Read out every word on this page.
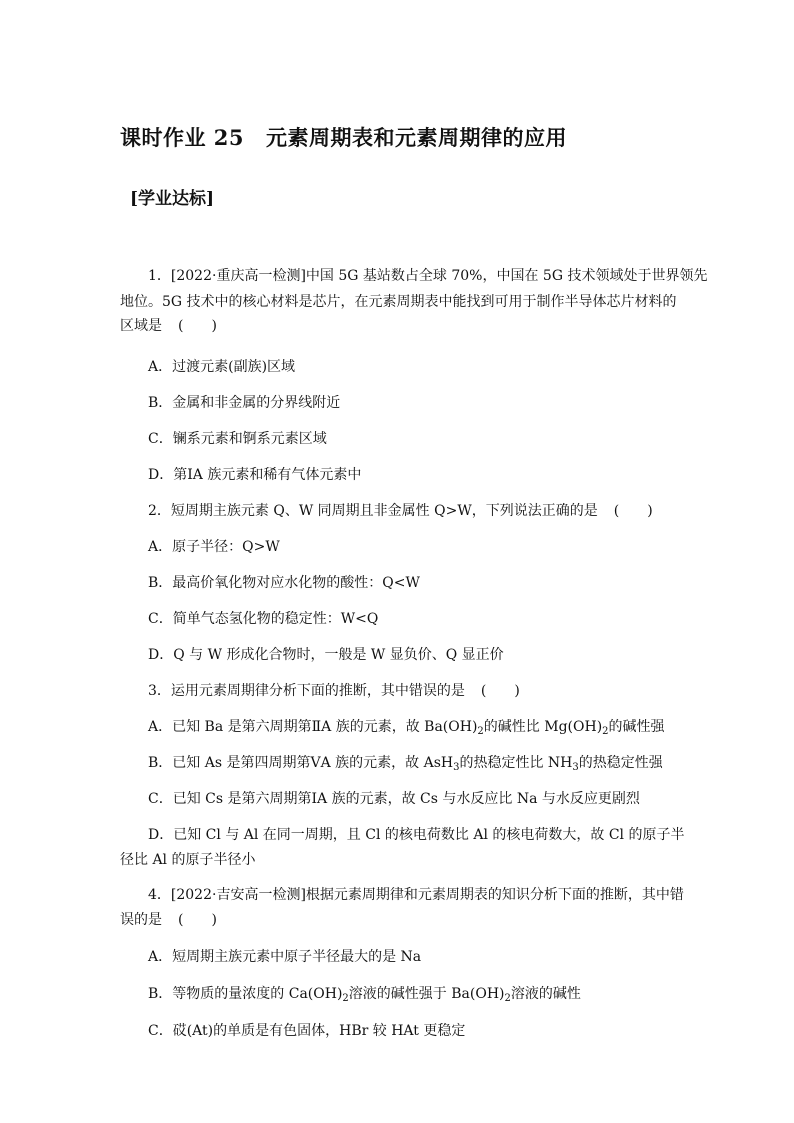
课时作业 25 元素周期表和元素周期律的应用
[学业达标]
1．[2022·重庆高一检测]中国 5G 基站数占全球 70%，中国在 5G 技术领域处于世界领先
地位。5G 技术中的核心材料是芯片，在元素周期表中能找到可用于制作半导体芯片材料的
区域是 (　　)
A．过渡元素(副族)区域
B．金属和非金属的分界线附近
C．镧系元素和锕系元素区域
D．第ⅠA 族元素和稀有气体元素中
2．短周期主族元素 Q、W 同周期且非金属性 Q>W，下列说法正确的是 (　　)
A．原子半径：Q>W
B．最高价氧化物对应水化物的酸性：Q<W
C．简单气态氢化物的稳定性：W<Q
D．Q 与 W 形成化合物时，一般是 W 显负价、Q 显正价
3．运用元素周期律分析下面的推断，其中错误的是 (　　)
A．已知 Ba 是第六周期第ⅡA 族的元素，故 $Ba(OH)_2$的碱性比 $Mg(OH)_2$的碱性强
B．已知 As 是第四周期第ⅤA 族的元素，故 AsH$_3$的热稳定性比 $NH_3$的热稳定性强
C．已知 Cs 是第六周期第ⅠA 族的元素，故 Cs 与水反应比 Na 与水反应更剧烈
D．已知 Cl 与 Al 在同一周期，且 Cl 的核电荷数比 Al 的核电荷数大，故 Cl 的原子半
径比 Al 的原子半径小
4．[2022·吉安高一检测]根据元素周期律和元素周期表的知识分析下面的推断，其中错
误的是 (　　)
A．短周期主族元素中原子半径最大的是 Na
B．等物质的量浓度的 $Ca(OH)_2$溶液的碱性强于 $Ba(OH)_2$溶液的碱性
C．砹(At)的单质是有色固体，HBr 较 HAt 更稳定
